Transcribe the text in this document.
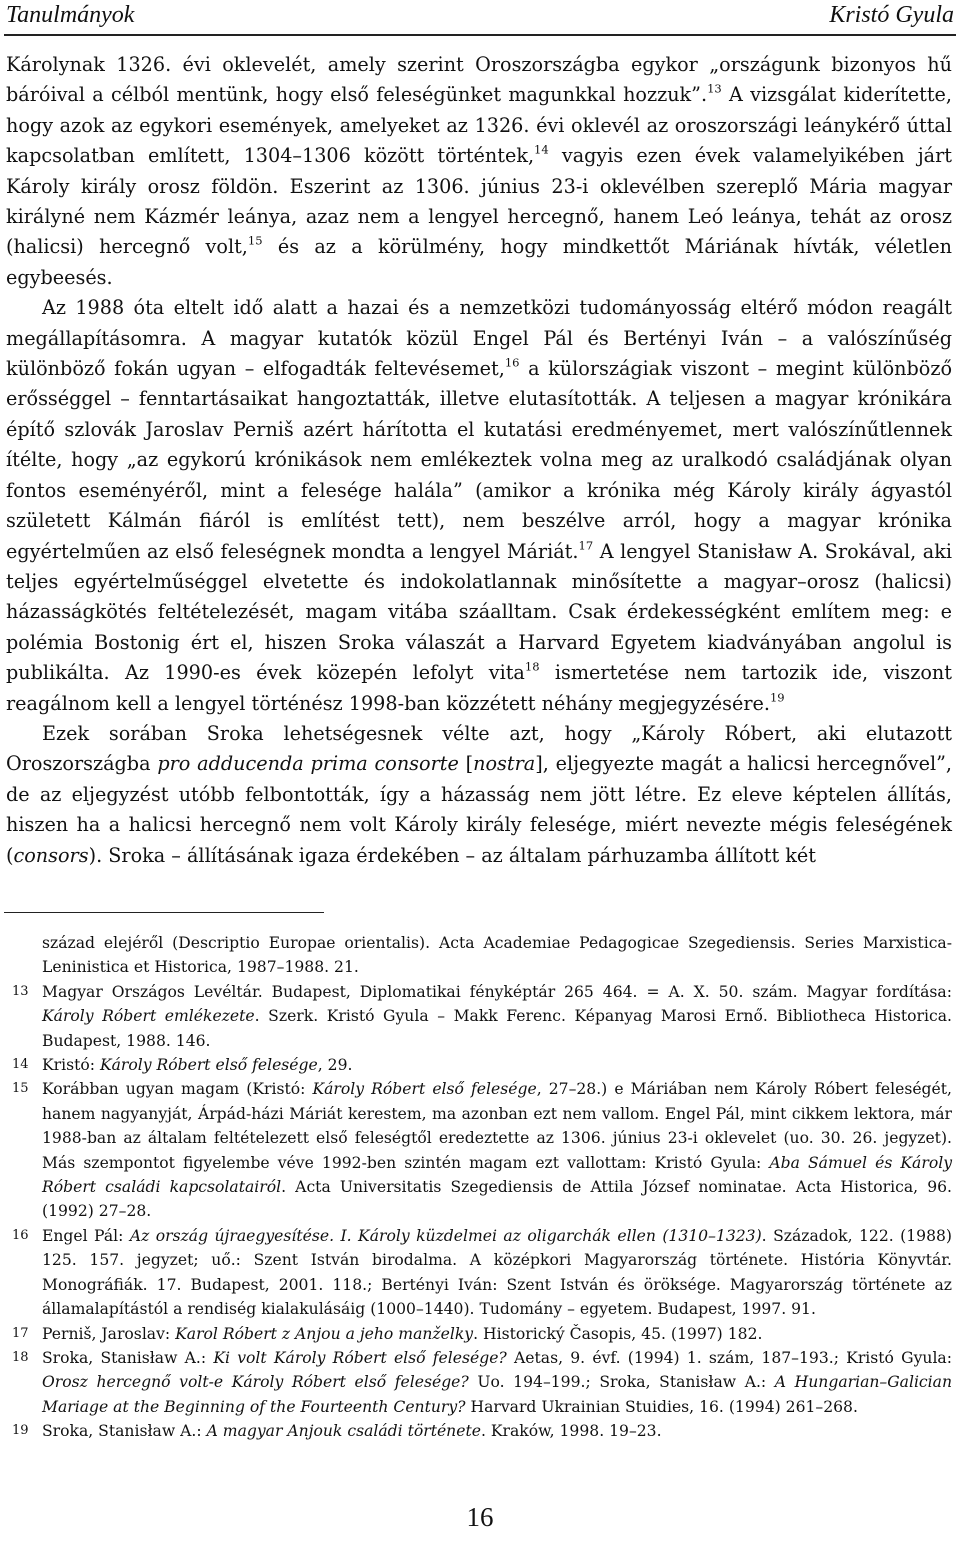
Tanulmányok	Kristó Gyula

Károlynak 1326. évi oklevelét, amely szerint Oroszországba egykor „országunk bizonyos hű báróival a célból mentünk, hogy első feleségünket magunkkal hozzuk”.$^{13}$ A vizsgálat kiderítette, hogy azok az egykori események, amelyeket az 1326. évi oklevél az oroszországi leánykérő úttal kapcsolatban említett, 1304–1306 között történtek,$^{14}$ vagyis ezen évek valamelyikében járt Károly király orosz földön. Eszerint az 1306. június 23-i oklevélben szereplő Mária magyar királyné nem Kázmér leánya, azaz nem a lengyel hercegnő, hanem Leó leánya, tehát az orosz (halicsi) hercegnő volt,$^{15}$ és az a körülmény, hogy mindkettőt Máriának hívták, véletlen egybeesés.

Az 1988 óta eltelt idő alatt a hazai és a nemzetközi tudományosság eltérő módon reagált megállapításomra. A magyar kutatók közül Engel Pál és Bertényi Iván – a valószínűség különböző fokán ugyan – elfogadták feltevésemet,$^{16}$ a külországiak viszont – megint különböző erősséggel – fenntartásaikat hangoztatták, illetve elutasították. A teljesen a magyar krónikára építő szlovák Jaroslav Perniš azért hárította el kutatási eredményemet, mert valószínűtlennek ítélte, hogy „az egykorú krónikások nem emlékeztek volna meg az uralkodó családjának olyan fontos eseményéről, mint a felesége halála” (amikor a krónika még Károly király ágyastól született Kálmán fiáról is említést tett), nem beszélve arról, hogy a magyar krónika egyértelműen az első feleségnek mondta a lengyel Máriát.$^{17}$ A lengyel Stanisław A. Srokával, aki teljes egyértelműséggel elvetette és indokolatlannak minősítette a magyar–orosz (halicsi) házasságkötés feltételezését, magam vitába száalltam. Csak érdekességként említem meg: e polémia Bostonig ért el, hiszen Sroka válaszát a Harvard Egyetem kiadványában angolul is publikálta. Az 1990-es évek közepén lefolyt vita$^{18}$ ismertetése nem tartozik ide, viszont reagálnom kell a lengyel történész 1998-ban közzétett néhány megjegyzésére.$^{19}$

Ezek sorában Sroka lehetségesnek vélte azt, hogy „Károly Róbert, aki elutazott Oroszországba pro adducenda prima consorte [nostra], eljegyezte magát a halicsi hercegnővel”, de az eljegyzést utóbb felbontották, így a házasság nem jött létre. Ez eleve képtelen állítás, hiszen ha a halicsi hercegnő nem volt Károly király felesége, miért nevezte mégis feleségének (consors). Sroka – állításának igaza érdekében – az általam párhuzamba állított két

század elejéről (Descriptio Europae orientalis). Acta Academiae Pedagogicae Szegediensis. Series Marxistica-Leninistica et Historica, 1987–1988. 21.

13 Magyar Országos Levéltár. Budapest, Diplomatikai fényképtár 265 464. = A. X. 50. szám. Magyar fordítása: Károly Róbert emlékezete. Szerk. Kristó Gyula – Makk Ferenc. Képanyag Marosi Ernő. Bibliotheca Historica. Budapest, 1988. 146.

14 Kristó: Károly Róbert első felesége, 29.

15 Korábban ugyan magam (Kristó: Károly Róbert első felesége, 27–28.) e Máriában nem Károly Róbert feleségét, hanem nagyanyját, Árpád-házi Máriát kerestem, ma azonban ezt nem vallom. Engel Pál, mint cikkem lektora, már 1988-ban az általam feltételezett első feleségtől eredeztette az 1306. június 23-i oklevelet (uo. 30. 26. jegyzet). Más szempontot figyelembe véve 1992-ben szintén magam ezt vallottam: Kristó Gyula: Aba Sámuel és Károly Róbert családi kapcsolatairól. Acta Universitatis Szegediensis de Attila József nominatae. Acta Historica, 96. (1992) 27–28.

16 Engel Pál: Az ország újraegyesítése. I. Károly küzdelmei az oligarchák ellen (1310–1323). Századok, 122. (1988) 125. 157. jegyzet; uő.: Szent István birodalma. A középkori Magyarország története. História Könyvtár. Monográfiák. 17. Budapest, 2001. 118.; Bertényi Iván: Szent István és öröksége. Magyarország története az államalapítástól a rendiség kialakulásáig (1000–1440). Tudomány – egyetem. Budapest, 1997. 91.

17 Perniš, Jaroslav: Karol Róbert z Anjou a jeho manželky. Historický Časopis, 45. (1997) 182.

18 Sroka, Stanisław A.: Ki volt Károly Róbert első felesége? Aetas, 9. évf. (1994) 1. szám, 187–193.; Kristó Gyula: Orosz hercegnő volt-e Károly Róbert első felesége? Uo. 194–199.; Sroka, Stanisław A.: A Hungarian–Galician Mariage at the Beginning of the Fourteenth Century? Harvard Ukrainian Stuidies, 16. (1994) 261–268.

19 Sroka, Stanisław A.: A magyar Anjouk családi története. Kraków, 1998. 19–23.

16
